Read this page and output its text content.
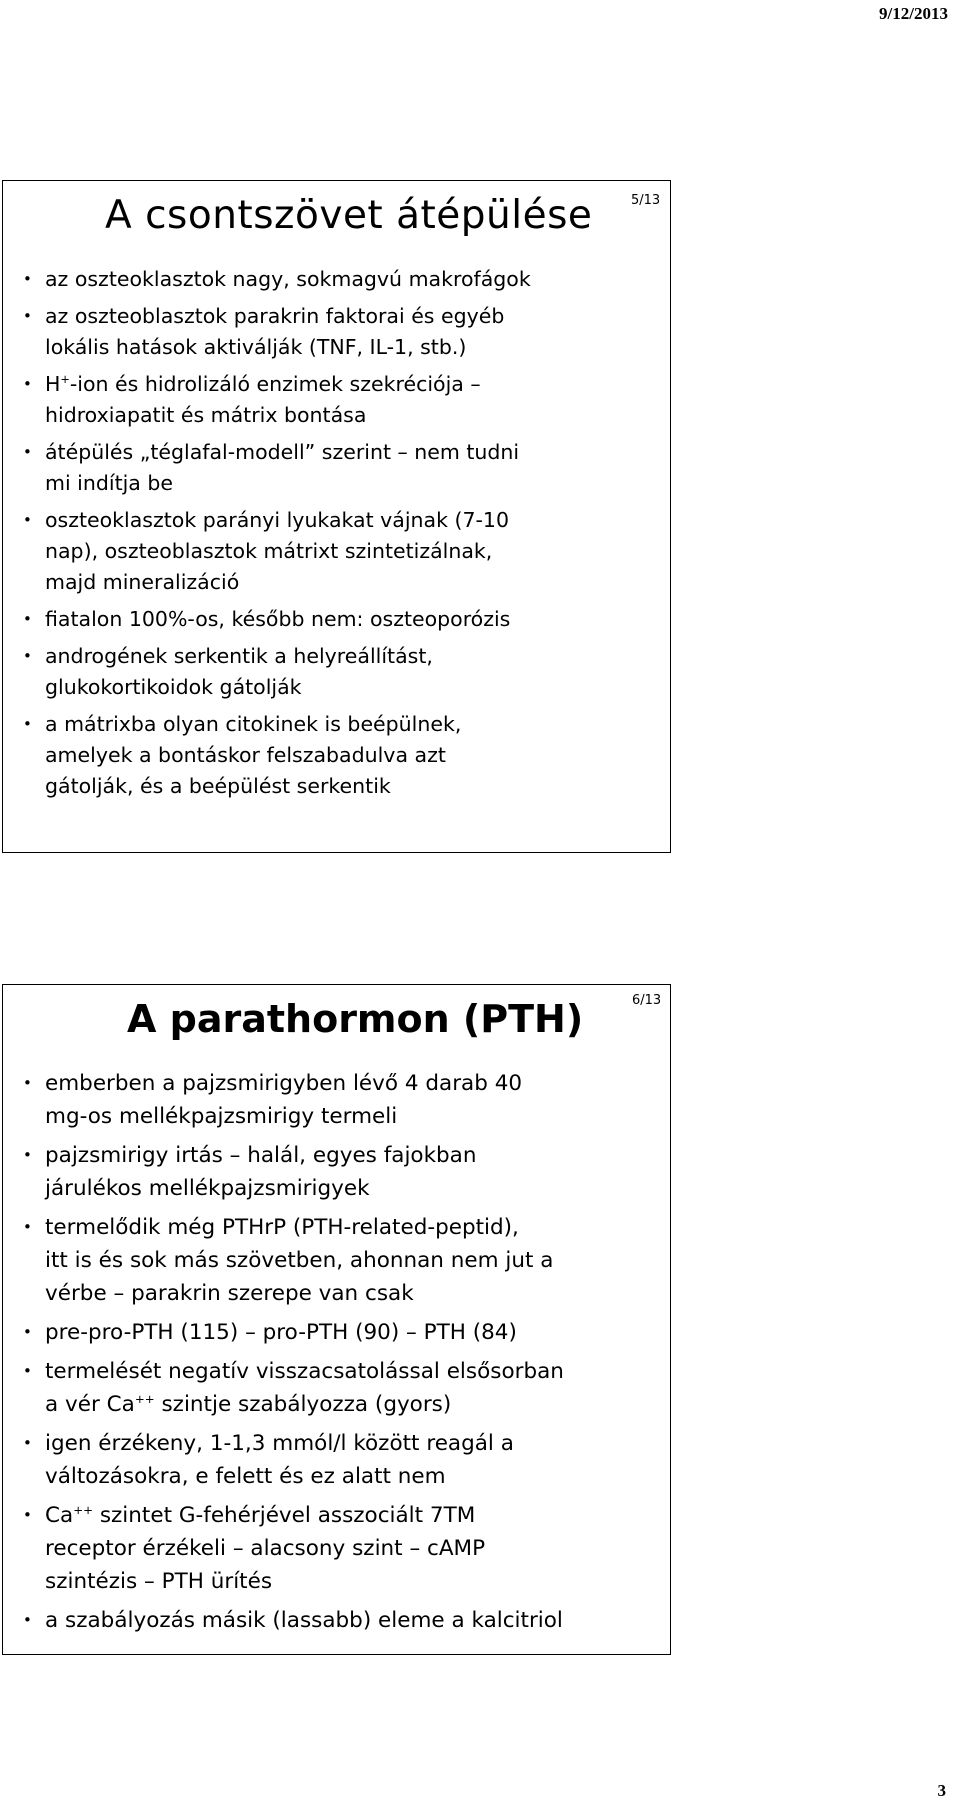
9/12/2013
A csontszövet átépülése	5/13
• az oszteoklasztok nagy, sokmagvú makrofágok
• az oszteoblasztok parakrin faktorai és egyéb
lokális hatások aktiválják (TNF, IL-1, stb.)
• H+-ion és hidrolizáló enzimek szekréciója –
hidroxiapatit és mátrix bontása
• átépülés „téglafal-modell” szerint – nem tudni
mi indítja be
• oszteoklasztok parányi lyukakat vájnak (7-10
nap), oszteoblasztok mátrixt szintetizálnak,
majd mineralizáció
• fiatalon 100%-os, később nem: oszteoporózis
• androgének serkentik a helyreállítást,
glukokortikoidok gátolják
• a mátrixba olyan citokinek is beépülnek,
amelyek a bontáskor felszabadulva azt
gátolják, és a beépülést serkentik
A parathormon (PTH)	6/13
• emberben a pajzsmirigyben lévő 4 darab 40
mg-os mellékpajzsmirigy termeli
• pajzsmirigy irtás – halál, egyes fajokban
járulékos mellékpajzsmirigyek
• termelődik még PTHrP (PTH-related-peptid),
itt is és sok más szövetben, ahonnan nem jut a
vérbe – parakrin szerepe van csak
• pre-pro-PTH (115) – pro-PTH (90) – PTH (84)
• termelését negatív visszacsatolással elsősorban
a vér Ca++ szintje szabályozza (gyors)
• igen érzékeny, 1-1,3 mmól/l között reagál a
változásokra, e felett és ez alatt nem
• Ca++ szintet G-fehérjével asszociált 7TM
receptor érzékeli – alacsony szint – cAMP
szintézis – PTH ürítés
• a szabályozás másik (lassabb) eleme a kalcitriol
3
